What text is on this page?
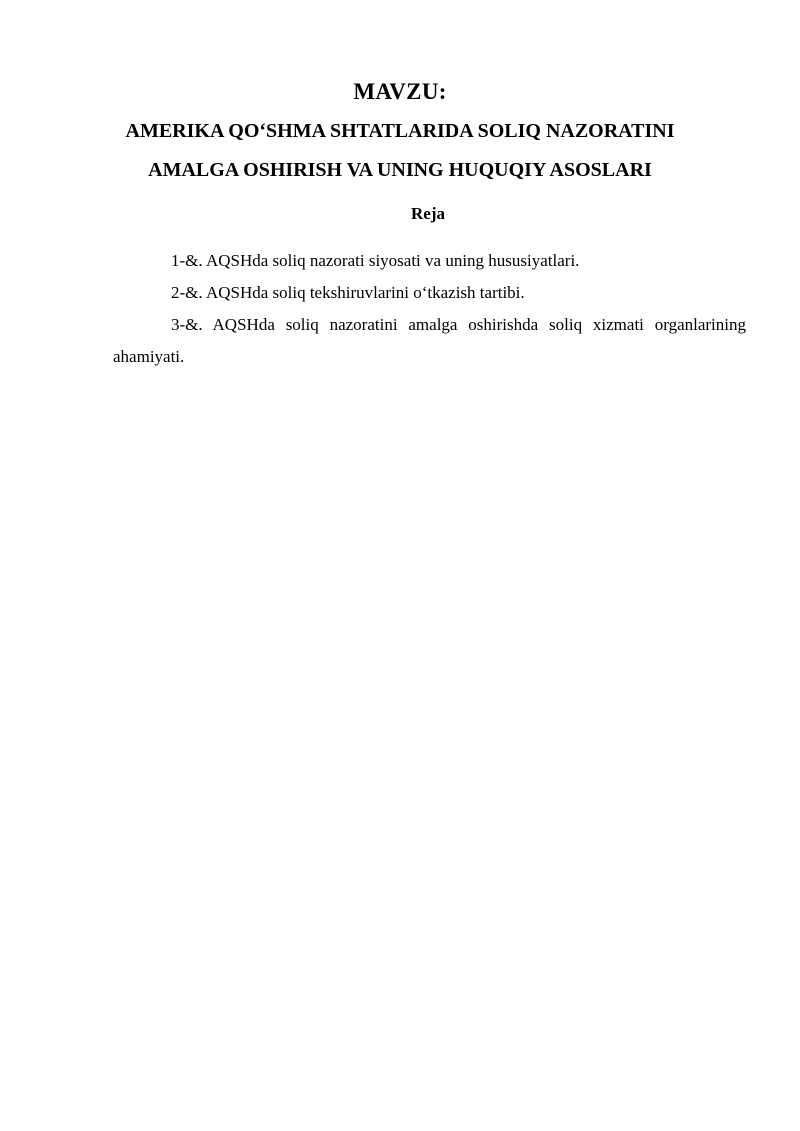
MAVZU:
AMERIKA QO‘SHMA SHTATLARIDA SOLIQ NAZORATINI
AMALGA OSHIRISH VA UNING HUQUQIY ASOSLARI
Reja
1-&. AQSHda soliq nazorati siyosati va uning hususiyatlari.
2-&. AQSHda soliq tekshiruvlarini o‘tkazish tartibi.
3-&. AQSHda soliq nazoratini amalga oshirishda soliq xizmati organlarining ahamiyati.
